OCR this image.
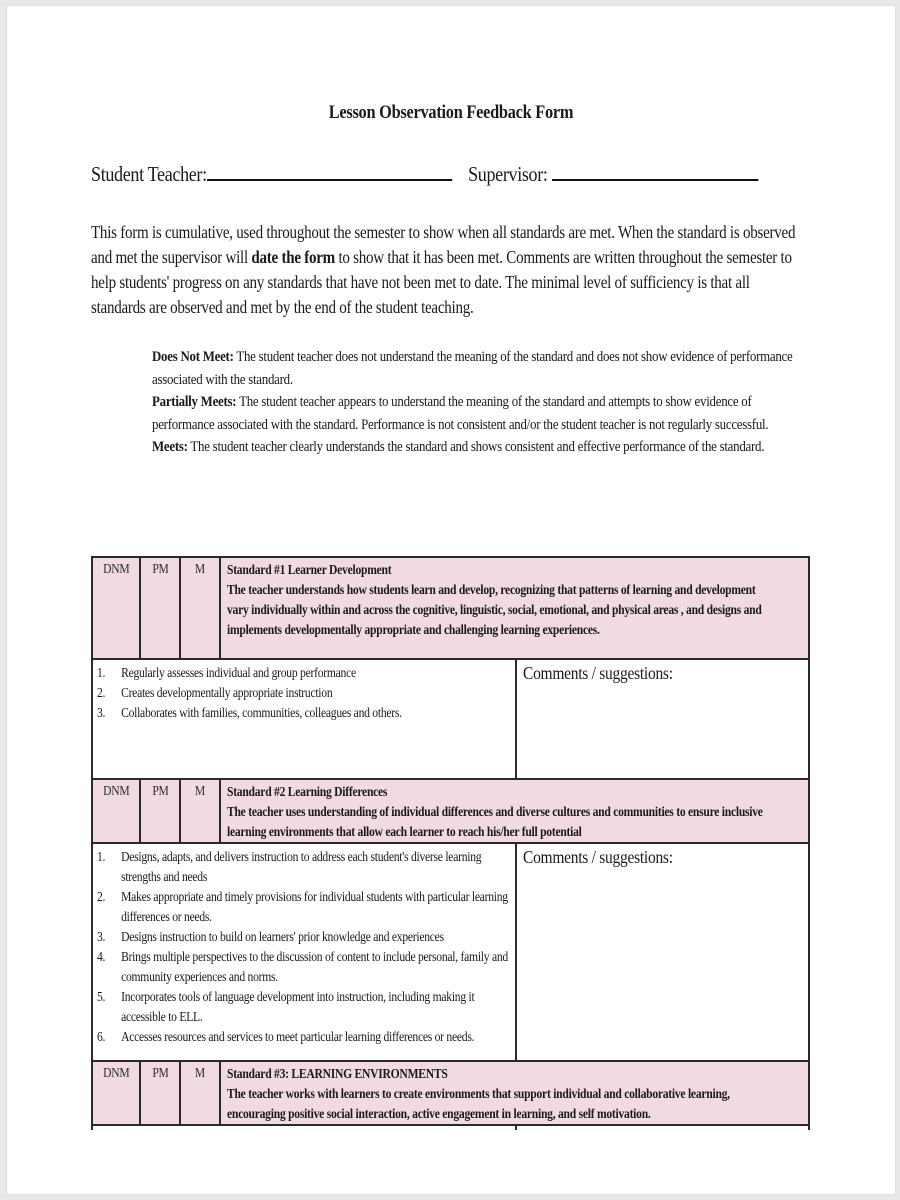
Lesson Observation Feedback Form
Student Teacher:	Supervisor:
This form is cumulative, used throughout the semester to show when all standards are met. When the standard is observed and met the supervisor will date the form to show that it has been met. Comments are written throughout the semester to help students' progress on any standards that have not been met to date. The minimal level of sufficiency is that all standards are observed and met by the end of the student teaching.

Does Not Meet: The student teacher does not understand the meaning of the standard and does not show evidence of performance associated with the standard.

Partially Meets: The student teacher appears to understand the meaning of the standard and attempts to show evidence of performance associated with the standard. Performance is not consistent and/or the student teacher is not regularly successful.

Meets: The student teacher clearly understands the standard and shows consistent and effective performance of the standard.

DNM	PM	M	Standard #1 Learner Development
The teacher understands how students learn and develop, recognizing that patterns of learning and development vary individually within and across the cognitive, linguistic, social, emotional, and physical areas , and designs and implements developmentally appropriate and challenging learning experiences.	

1.	Regularly assesses individual and group performance
2.	Creates developmentally appropriate instruction
3.	Collaborates with families, communities, colleagues and others.

Comments / suggestions:

DNM	PM	M	Standard #2 Learning Differences
The teacher uses understanding of individual differences and diverse cultures and communities to ensure inclusive learning environments that allow each learner to reach his/her full potential	

1.	Designs, adapts, and delivers instruction to address each student's diverse learning strengths and needs
2.	Makes appropriate and timely provisions for individual students with particular learning differences or needs.
3.	Designs instruction to build on learners' prior knowledge and experiences
4.	Brings multiple perspectives to the discussion of content to include personal, family and community experiences and norms.
5.	Incorporates tools of language development into instruction, including making it accessible to ELL.
6.	Accesses resources and services to meet particular learning differences or needs.

Comments / suggestions:

DNM	PM	M	Standard #3: LEARNING ENVIRONMENTS
The teacher works with learners to create environments that support individual and collaborative learning, encouraging positive social interaction, active engagement in learning, and self motivation.	
